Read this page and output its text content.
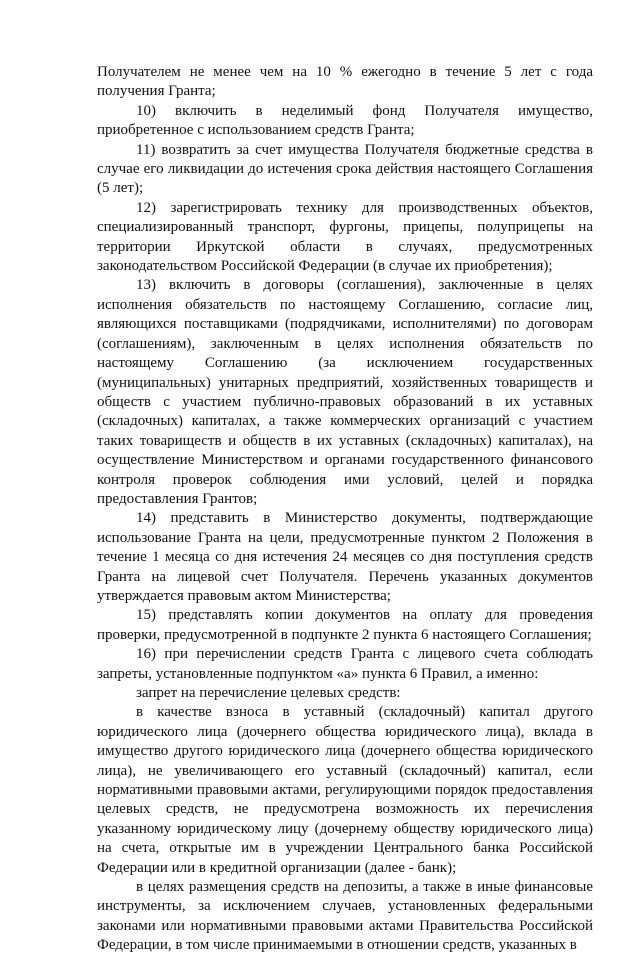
Получателем не менее чем на 10 % ежегодно в течение 5 лет с года получения Гранта;

10) включить в неделимый фонд Получателя имущество, приобретенное с использованием средств Гранта;

11) возвратить за счет имущества Получателя бюджетные средства в случае его ликвидации до истечения срока действия настоящего Соглашения (5 лет);

12) зарегистрировать технику для производственных объектов, специализированный транспорт, фургоны, прицепы, полуприцепы на территории Иркутской области в случаях, предусмотренных законодательством Российской Федерации (в случае их приобретения);

13) включить в договоры (соглашения), заключенные в целях исполнения обязательств по настоящему Соглашению, согласие лиц, являющихся поставщиками (подрядчиками, исполнителями) по договорам (соглашениям), заключенным в целях исполнения обязательств по настоящему Соглашению (за исключением государственных (муниципальных) унитарных предприятий, хозяйственных товариществ и обществ с участием публично-правовых образований в их уставных (складочных) капиталах, а также коммерческих организаций с участием таких товариществ и обществ в их уставных (складочных) капиталах), на осуществление Министерством и органами государственного финансового контроля проверок соблюдения ими условий, целей и порядка предоставления Грантов;

14) представить в Министерство документы, подтверждающие использование Гранта на цели, предусмотренные пунктом 2 Положения в течение 1 месяца со дня истечения 24 месяцев со дня поступления средств Гранта на лицевой счет Получателя. Перечень указанных документов утверждается правовым актом Министерства;

15) представлять копии документов на оплату для проведения проверки, предусмотренной в подпункте 2 пункта 6 настоящего Соглашения;

16) при перечислении средств Гранта с лицевого счета соблюдать запреты, установленные подпунктом «а» пункта 6 Правил, а именно:

запрет на перечисление целевых средств:

в качестве взноса в уставный (складочный) капитал другого юридического лица (дочернего общества юридического лица), вклада в имущество другого юридического лица (дочернего общества юридического лица), не увеличивающего его уставный (складочный) капитал, если нормативными правовыми актами, регулирующими порядок предоставления целевых средств, не предусмотрена возможность их перечисления указанному юридическому лицу (дочернему обществу юридического лица) на счета, открытые им в учреждении Центрального банка Российской Федерации или в кредитной организации (далее - банк);

в целях размещения средств на депозиты, а также в иные финансовые инструменты, за исключением случаев, установленных федеральными законами или нормативными правовыми актами Правительства Российской Федерации, в том числе принимаемыми в отношении средств, указанных в
